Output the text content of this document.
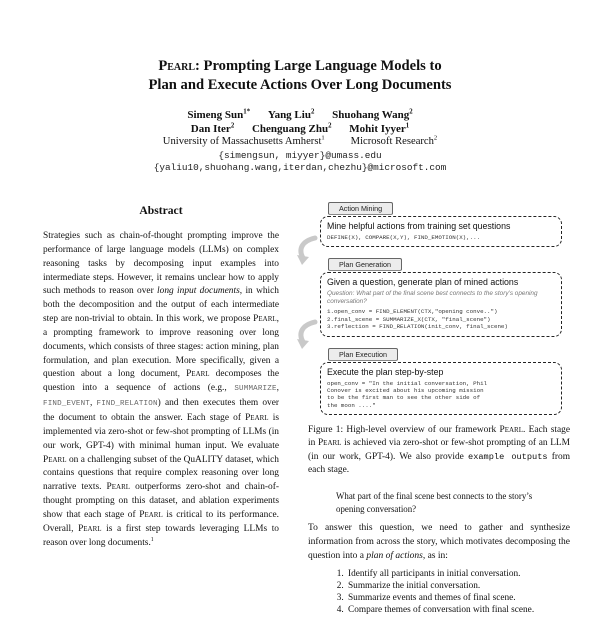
Pearl: Prompting Large Language Models to
Plan and Execute Actions Over Long Documents
Simeng Sun$^{1*}$ Yang Liu$^2$ Shuohang Wang$^2$
Dan Iter$^2$ Chenguang Zhu$^2$ Mohit Iyyer$^1$
University of Massachusetts Amherst$^1$ Microsoft Research$^2$
{simengsun, miyyer}@umass.edu
{yaliu10,shuohang.wang,iterdan,chezhu}@microsoft.com
Abstract
Strategies such as chain-of-thought prompting improve the performance of large language models (LLMs) on complex reasoning tasks by decomposing input examples into intermediate steps. However, it remains unclear how to apply such methods to reason over long input documents, in which both the decomposition and the output of each intermediate step are non-trivial to obtain. In this work, we propose Pearl, a prompting framework to improve reasoning over long documents, which consists of three stages: action mining, plan formulation, and plan execution. More specifically, given a question about a long document, Pearl decomposes the question into a sequence of actions (e.g., SUMMARIZE, FIND_EVENT, FIND_RELATION) and then executes them over the document to obtain the answer. Each stage of Pearl is implemented via zero-shot or few-shot prompting of LLMs (in our work, GPT-4) with minimal human input. We evaluate Pearl on a challenging subset of the QuALITY dataset, which contains questions that require complex reasoning over long narrative texts. Pearl outperforms zero-shot and chain-of-thought prompting on this dataset, and ablation experiments show that each stage of Pearl is critical to its performance. Overall, Pearl is a first step towards leveraging LLMs to reason over long documents.$^1$
Action Mining
Mine helpful actions from training set questions
DEFINE(X), COMPARE(X,Y), FIND_EMOTION(X),...
Plan Generation
Given a question, generate plan of mined actions
Question: What part of the final scene best connects to the story’s opening conversation?
1.open_conv = FIND_ELEMENT(CTX,"opening conve..")
2.final_scene = SUMMARIZE_X(CTX, "final_scene")
3.reflection = FIND_RELATION(init_conv, final_scene)
Plan Execution
Execute the plan step-by-step
open_conv = "In the initial conversation, Phil
Conover is excited about his upcoming mission
to be the first man to see the other side of
the moon ...."
Figure 1: High-level overview of our framework Pearl. Each stage in Pearl is achieved via zero-shot or few-shot prompting of an LLM (in our work, GPT-4). We also provide example outputs from each stage.
What part of the final scene best connects to the story’s opening conversation?
To answer this question, we need to gather and synthesize information from across the story, which motivates decomposing the question into a plan of actions, as in:
1. Identify all participants in initial conversation.
2. Summarize the initial conversation.
3. Summarize events and themes of final scene.
4. Compare themes of conversation with final scene.
